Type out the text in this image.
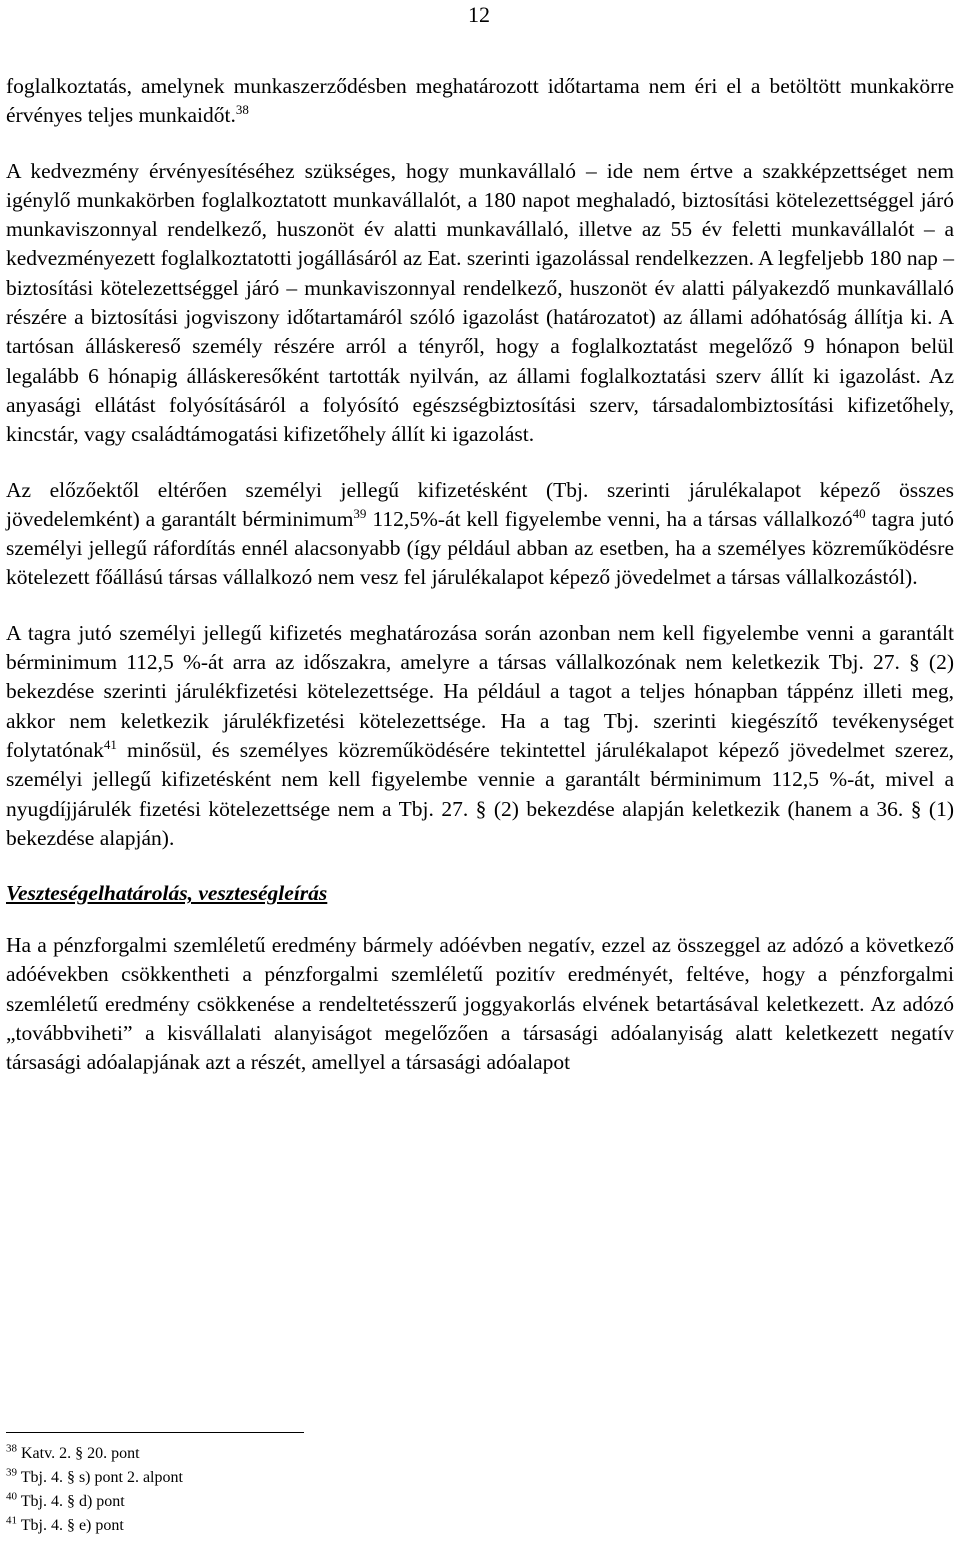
12

foglalkoztatás, amelynek munkaszerződésben meghatározott időtartama nem éri el a betöltött munkakörre érvényes teljes munkaidőt.$^{38}$

A kedvezmény érvényesítéséhez szükséges, hogy munkavállaló – ide nem értve a szakképzettséget nem igénylő munkakörben foglalkoztatott munkavállalót, a 180 napot meghaladó, biztosítási kötelezettséggel járó munkaviszonnyal rendelkező, huszonöt év alatti munkavállaló, illetve az 55 év feletti munkavállalót – a kedvezményezett foglalkoztatotti jogállásáról az Eat. szerinti igazolással rendelkezzen. A legfeljebb 180 nap – biztosítási kötelezettséggel járó – munkaviszonnyal rendelkező, huszonöt év alatti pályakezdő munkavállaló részére a biztosítási jogviszony időtartamáról szóló igazolást (határozatot) az állami adóhatóság állítja ki. A tartósan álláskereső személy részére arról a tényről, hogy a foglalkoztatást megelőző 9 hónapon belül legalább 6 hónapig álláskeresőként tartották nyilván, az állami foglalkoztatási szerv állít ki igazolást. Az anyasági ellátást folyósításáról a folyósító egészségbiztosítási szerv, társadalombiztosítási kifizetőhely, kincstár, vagy családtámogatási kifizetőhely állít ki igazolást.

Az előzőektől eltérően személyi jellegű kifizetésként (Tbj. szerinti járulékalapot képező összes jövedelemként) a garantált bérminimum$^{39}$ 112,5%-át kell figyelembe venni, ha a társas vállalkozó$^{40}$ tagra jutó személyi jellegű ráfordítás ennél alacsonyabb (így például abban az esetben, ha a személyes közreműködésre kötelezett főállású társas vállalkozó nem vesz fel járulékalapot képező jövedelmet a társas vállalkozástól).

A tagra jutó személyi jellegű kifizetés meghatározása során azonban nem kell figyelembe venni a garantált bérminimum 112,5 %-át arra az időszakra, amelyre a társas vállalkozónak nem keletkezik Tbj. 27. § (2) bekezdése szerinti járulékfizetési kötelezettsége. Ha például a tagot a teljes hónapban táppénz illeti meg, akkor nem keletkezik járulékfizetési kötelezettsége. Ha a tag Tbj. szerinti kiegészítő tevékenységet folytatónak$^{41}$ minősül, és személyes közreműködésére tekintettel járulékalapot képező jövedelmet szerez, személyi jellegű kifizetésként nem kell figyelembe vennie a garantált bérminimum 112,5 %-át, mivel a nyugdíjjárulék fizetési kötelezettsége nem a Tbj. 27. § (2) bekezdése alapján keletkezik (hanem a 36. § (1) bekezdése alapján).

Veszteségelhatárolás, veszteségleírás

Ha a pénzforgalmi szemléletű eredmény bármely adóévben negatív, ezzel az összeggel az adózó a következő adóévekben csökkentheti a pénzforgalmi szemléletű pozitív eredményét, feltéve, hogy a pénzforgalmi szemléletű eredmény csökkenése a rendeltetésszerű joggyakorlás elvének betartásával keletkezett. Az adózó „továbbviheti” a kisvállalati alanyiságot megelőzően a társasági adóalanyiság alatt keletkezett negatív társasági adóalapjának azt a részét, amellyel a társasági adóalapot

$^{38}$ Katv. 2. § 20. pont
$^{39}$ Tbj. 4. § s) pont 2. alpont
$^{40}$ Tbj. 4. § d) pont
$^{41}$ Tbj. 4. § e) pont
